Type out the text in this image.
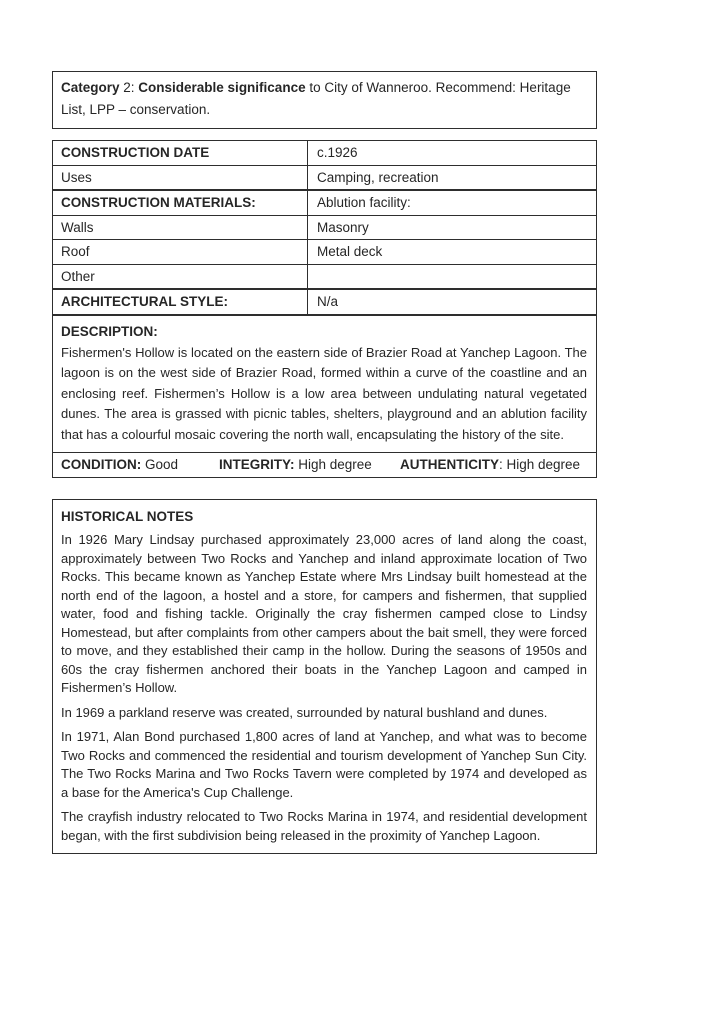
Category 2: Considerable significance to City of Wanneroo. Recommend: Heritage List, LPP – conservation.
CONSTRUCTION DATE	c.1926
Uses	Camping, recreation
CONSTRUCTION MATERIALS:	Ablution facility:
Walls	Masonry
Roof	Metal deck
Other
ARCHITECTURAL STYLE:	N/a
DESCRIPTION:
Fishermen's Hollow is located on the eastern side of Brazier Road at Yanchep Lagoon. The lagoon is on the west side of Brazier Road, formed within a curve of the coastline and an enclosing reef. Fishermen’s Hollow is a low area between undulating natural vegetated dunes. The area is grassed with picnic tables, shelters, playground and an ablution facility that has a colourful mosaic covering the north wall, encapsulating the history of the site.
CONDITION: Good	INTEGRITY: High degree	AUTHENTICITY: High degree
HISTORICAL NOTES

In 1926 Mary Lindsay purchased approximately 23,000 acres of land along the coast, approximately between Two Rocks and Yanchep and inland approximate location of Two Rocks. This became known as Yanchep Estate where Mrs Lindsay built homestead at the north end of the lagoon, a hostel and a store, for campers and fishermen, that supplied water, food and fishing tackle. Originally the cray fishermen camped close to Lindsy Homestead, but after complaints from other campers about the bait smell, they were forced to move, and they established their camp in the hollow. During the seasons of 1950s and 60s the cray fishermen anchored their boats in the Yanchep Lagoon and camped in Fishermen’s Hollow.

In 1969 a parkland reserve was created, surrounded by natural bushland and dunes.

In 1971, Alan Bond purchased 1,800 acres of land at Yanchep, and what was to become Two Rocks and commenced the residential and tourism development of Yanchep Sun City. The Two Rocks Marina and Two Rocks Tavern were completed by 1974 and developed as a base for the America's Cup Challenge.

The crayfish industry relocated to Two Rocks Marina in 1974, and residential development began, with the first subdivision being released in the proximity of Yanchep Lagoon.
